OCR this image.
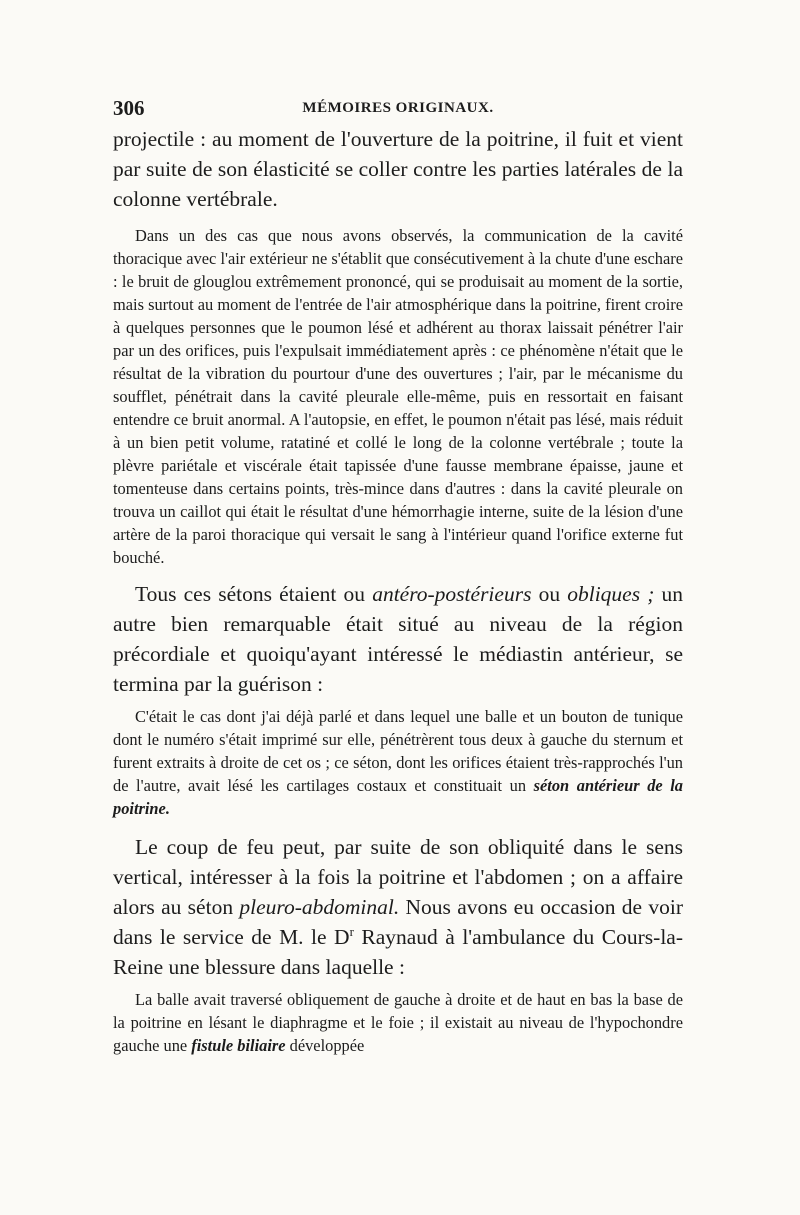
306	MÉMOIRES ORIGINAUX.

projectile : au moment de l'ouverture de la poitrine, il fuit et vient par suite de son élasticité se coller contre les parties latérales de la colonne vertébrale.

Dans un des cas que nous avons observés, la communication de la cavité thoracique avec l'air extérieur ne s'établit que consécutivement à la chute d'une eschare : le bruit de glouglou extrêmement prononcé, qui se produisait au moment de la sortie, mais surtout au moment de l'entrée de l'air atmosphérique dans la poitrine, firent croire à quelques personnes que le poumon lésé et adhérent au thorax laissait pénétrer l'air par un des orifices, puis l'expulsait immédiatement après : ce phénomène n'était que le résultat de la vibration du pourtour d'une des ouvertures ; l'air, par le mécanisme du soufflet, pénétrait dans la cavité pleurale elle-même, puis en ressortait en faisant entendre ce bruit anormal. A l'autopsie, en effet, le poumon n'était pas lésé, mais réduit à un bien petit volume, ratatiné et collé le long de la colonne vertébrale ; toute la plèvre pariétale et viscérale était tapissée d'une fausse membrane épaisse, jaune et tomenteuse dans certains points, très-mince dans d'autres : dans la cavité pleurale on trouva un caillot qui était le résultat d'une hémorrhagie interne, suite de la lésion d'une artère de la paroi thoracique qui versait le sang à l'intérieur quand l'orifice externe fut bouché.

Tous ces sétons étaient ou antéro-postérieurs ou obliques ; un autre bien remarquable était situé au niveau de la région précordiale et quoiqu'ayant intéressé le médiastin antérieur, se termina par la guérison :

C'était le cas dont j'ai déjà parlé et dans lequel une balle et un bouton de tunique dont le numéro s'était imprimé sur elle, pénétrèrent tous deux à gauche du sternum et furent extraits à droite de cet os ; ce séton, dont les orifices étaient très-rapprochés l'un de l'autre, avait lésé les cartilages costaux et constituait un séton antérieur de la poitrine.

Le coup de feu peut, par suite de son obliquité dans le sens vertical, intéresser à la fois la poitrine et l'abdomen ; on a affaire alors au séton pleuro-abdominal. Nous avons eu occasion de voir dans le service de M. le $D^r$ Raynaud à l'ambulance du Cours-la-Reine une blessure dans laquelle :

La balle avait traversé obliquement de gauche à droite et de haut en bas la base de la poitrine en lésant le diaphragme et le foie ; il existait au niveau de l'hypochondre gauche une fistule biliaire développée
